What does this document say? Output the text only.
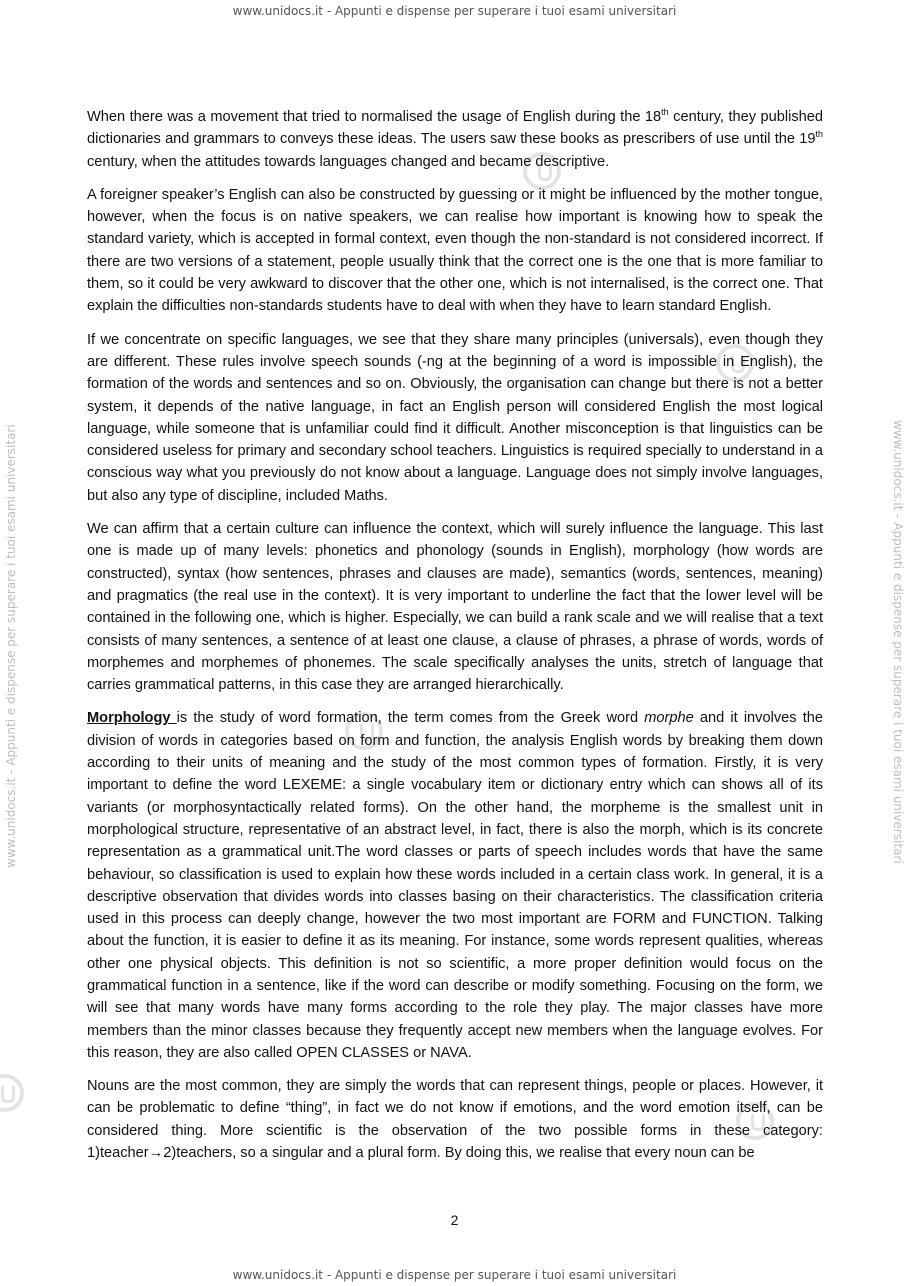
www.unidocs.it - Appunti e dispense per superare i tuoi esami universitari
www.unidocs.it - Appunti e dispense per superare i tuoi esami universitari	www.unidocs.it - Appunti e dispense per superare i tuoi esami universitari

When there was a movement that tried to normalised the usage of English during the 18th century, they published dictionaries and grammars to conveys these ideas. The users saw these books as prescribers of use until the 19th century, when the attitudes towards languages changed and became descriptive.

A foreigner speaker’s English can also be constructed by guessing or it might be influenced by the mother tongue, however, when the focus is on native speakers, we can realise how important is knowing how to speak the standard variety, which is accepted in formal context, even though the non-standard is not considered incorrect. If there are two versions of a statement, people usually think that the correct one is the one that is more familiar to them, so it could be very awkward to discover that the other one, which is not internalised, is the correct one. That explain the difficulties non-standards students have to deal with when they have to learn standard English.

If we concentrate on specific languages, we see that they share many principles (universals), even though they are different. These rules involve speech sounds (-ng at the beginning of a word is impossible in English), the formation of the words and sentences and so on. Obviously, the organisation can change but there is not a better system, it depends of the native language, in fact an English person will considered English the most logical language, while someone that is unfamiliar could find it difficult. Another misconception is that linguistics can be considered useless for primary and secondary school teachers. Linguistics is required specially to understand in a conscious way what you previously do not know about a language. Language does not simply involve languages, but also any type of discipline, included Maths.

We can affirm that a certain culture can influence the context, which will surely influence the language. This last one is made up of many levels: phonetics and phonology (sounds in English), morphology (how words are constructed), syntax (how sentences, phrases and clauses are made), semantics (words, sentences, meaning) and pragmatics (the real use in the context). It is very important to underline the fact that the lower level will be contained in the following one, which is higher. Especially, we can build a rank scale and we will realise that a text consists of many sentences, a sentence of at least one clause, a clause of phrases, a phrase of words, words of morphemes and morphemes of phonemes. The scale specifically analyses the units, stretch of language that carries grammatical patterns, in this case they are arranged hierarchically.

Morphology is the study of word formation, the term comes from the Greek word morphe and it involves the division of words in categories based on form and function, the analysis English words by breaking them down according to their units of meaning and the study of the most common types of formation. Firstly, it is very important to define the word LEXEME: a single vocabulary item or dictionary entry which can shows all of its variants (or morphosyntactically related forms). On the other hand, the morpheme is the smallest unit in morphological structure, representative of an abstract level, in fact, there is also the morph, which is its concrete representation as a grammatical unit.The word classes or parts of speech includes words that have the same behaviour, so classification is used to explain how these words included in a certain class work. In general, it is a descriptive observation that divides words into classes basing on their characteristics. The classification criteria used in this process can deeply change, however the two most important are FORM and FUNCTION. Talking about the function, it is easier to define it as its meaning. For instance, some words represent qualities, whereas other one physical objects. This definition is not so scientific, a more proper definition would focus on the grammatical function in a sentence, like if the word can describe or modify something. Focusing on the form, we will see that many words have many forms according to the role they play. The major classes have more members than the minor classes because they frequently accept new members when the language evolves. For this reason, they are also called OPEN CLASSES or NAVA.

Nouns are the most common, they are simply the words that can represent things, people or places. However, it can be problematic to define “thing”, in fact we do not know if emotions, and the word emotion itself, can be considered thing. More scientific is the observation of the two possible forms in these category: 1)teacher→2)teachers, so a singular and a plural form. By doing this, we realise that every noun can be

2
www.unidocs.it - Appunti e dispense per superare i tuoi esami universitari
